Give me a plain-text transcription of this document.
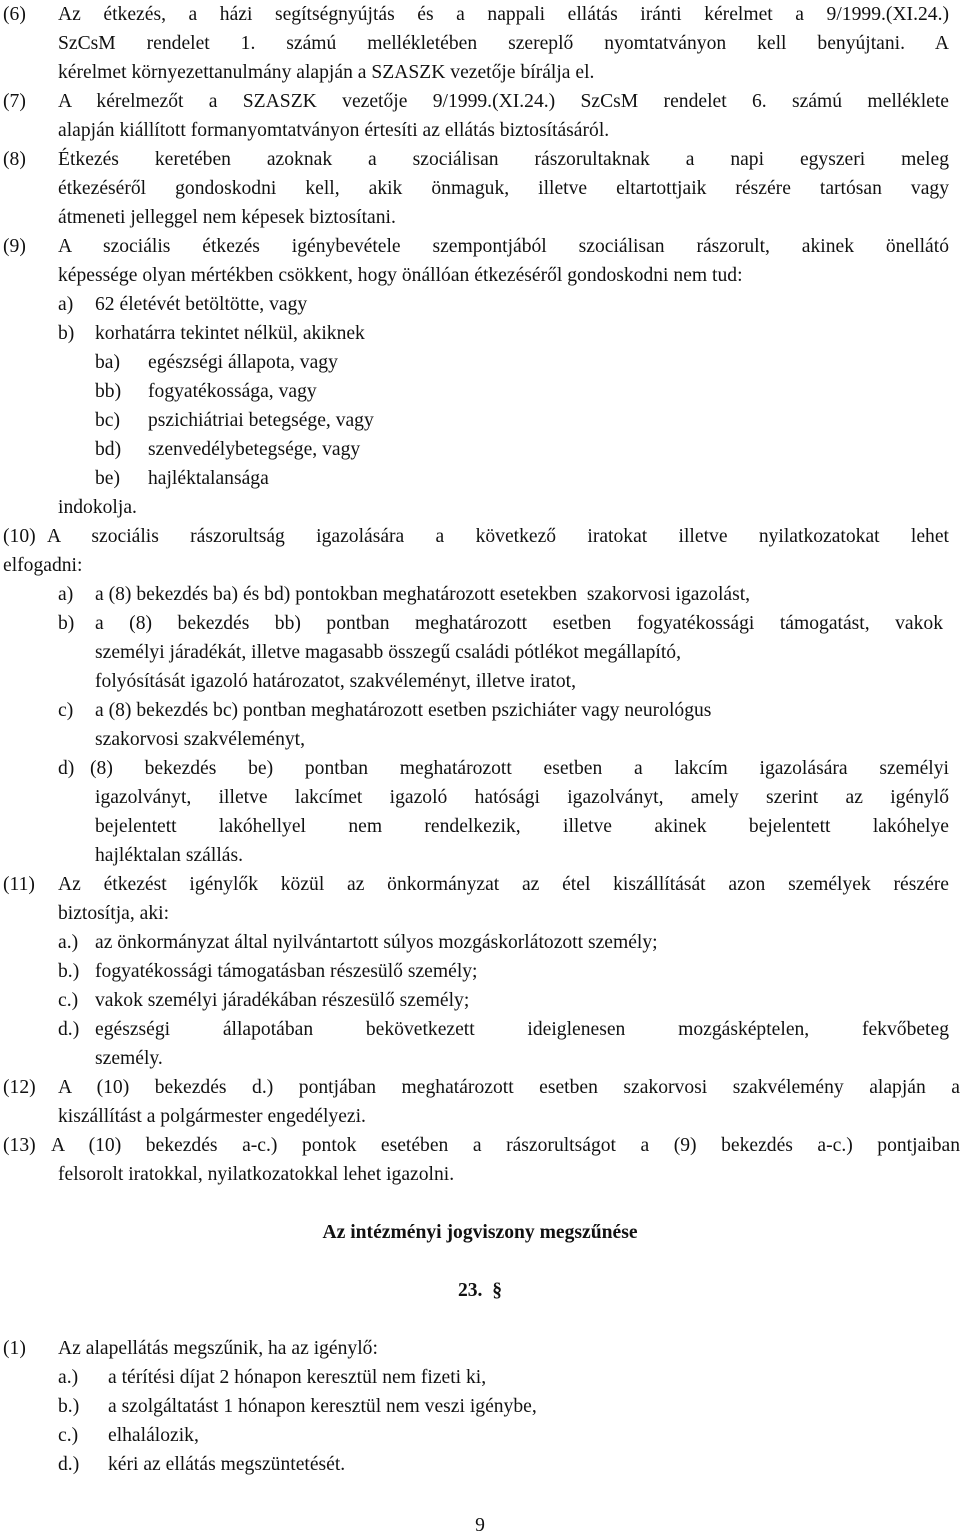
(6) Az étkezés, a házi segítségnyújtás és a nappali ellátás iránti kérelmet a 9/1999.(XI.24.)
SzCsM rendelet 1. számú mellékletében szereplő nyomtatványon kell benyújtani. A
kérelmet környezettanulmány alapján a SZASZK vezetője bírálja el.
(7) A kérelmezőt a SZASZK vezetője 9/1999.(XI.24.) SzCsM rendelet 6. számú melléklete
alapján kiállított formanyomtatványon értesíti az ellátás biztosításáról.
(8) Étkezés keretében azoknak a szociálisan rászorultaknak a napi egyszeri meleg
étkezéséről gondoskodni kell, akik önmaguk, illetve eltartottjaik részére tartósan vagy
átmeneti jelleggel nem képesek biztosítani.
(9) A szociális étkezés igénybevétele szempontjából szociálisan rászorult, akinek önellátó
képessége olyan mértékben csökkent, hogy önállóan étkezéséről gondoskodni nem tud:
a) 62 életévét betöltötte, vagy
b) korhatárra tekintet nélkül, akiknek
ba) egészségi állapota, vagy
bb) fogyatékossága, vagy
bc) pszichiátriai betegsége, vagy
bd) szenvedélybetegsége, vagy
be) hajléktalansága
indokolja.
(10) A szociális rászorultság igazolására a következő iratokat illetve nyilatkozatokat lehet
elfogadni:
a) a (8) bekezdés ba) és bd) pontokban meghatározott esetekben  szakorvosi igazolást,
b) a (8) bekezdés bb) pontban meghatározott esetben fogyatékossági támogatást, vakok
személyi járadékát, illetve magasabb összegű családi pótlékot megállapító,
folyósítását igazoló határozatot, szakvéleményt, illetve iratot,
c) a (8) bekezdés bc) pontban meghatározott esetben pszichiáter vagy neurológus
szakorvosi szakvéleményt,
d) (8) bekezdés be) pontban meghatározott esetben a lakcím igazolására személyi
igazolványt, illetve lakcímet igazoló hatósági igazolványt, amely szerint az igénylő
bejelentett lakóhellyel nem rendelkezik, illetve akinek bejelentett lakóhelye
hajléktalan szállás.
(11) Az étkezést igénylők közül az önkormányzat az étel kiszállítását azon személyek részére
biztosítja, aki:
a.) az önkormányzat által nyilvántartott súlyos mozgáskorlátozott személy;
b.) fogyatékossági támogatásban részesülő személy;
c.) vakok személyi járadékában részesülő személy;
d.) egészségi állapotában bekövetkezett ideiglenesen mozgásképtelen, fekvőbeteg
személy.
(12) A (10) bekezdés d.) pontjában meghatározott esetben szakorvosi szakvélemény alapján a
kiszállítást a polgármester engedélyezi.
(13) A (10) bekezdés a-c.) pontok esetében a rászorultságot a (9) bekezdés a-c.) pontjaiban
felsorolt iratokkal, nyilatkozatokkal lehet igazolni.
Az intézményi jogviszony megszűnése
23.  §
(1) Az alapellátás megszűnik, ha az igénylő:
a.) a térítési díjat 2 hónapon keresztül nem fizeti ki,
b.) a szolgáltatást 1 hónapon keresztül nem veszi igénybe,
c.) elhalálozik,
d.) kéri az ellátás megszüntetését.
9
